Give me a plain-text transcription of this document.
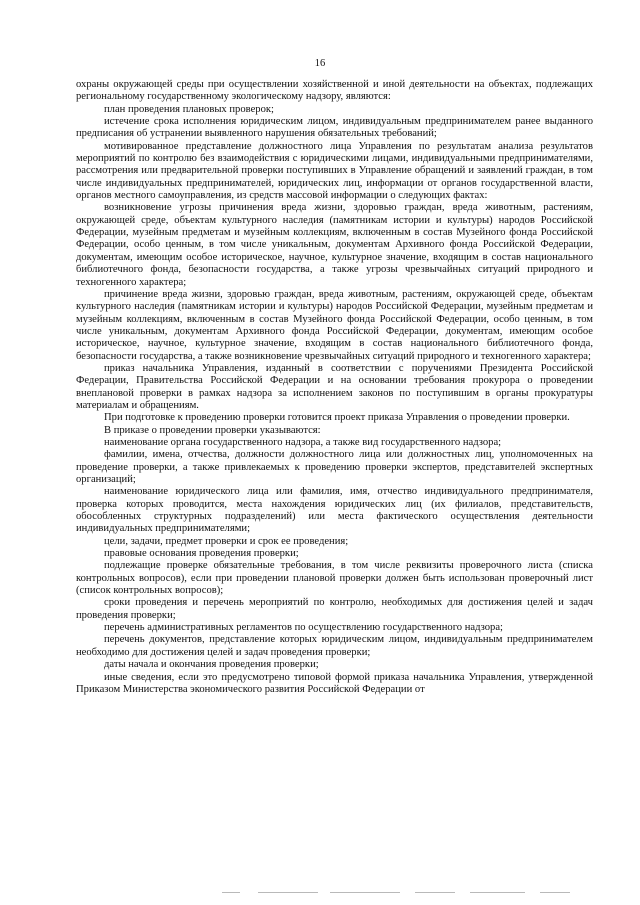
16

охраны окружающей среды при осуществлении хозяйственной и иной деятельности на объектах, подлежащих региональному государственному экологическому надзору, являются:

план проведения плановых проверок;

истечение срока исполнения юридическим лицом, индивидуальным предпринимателем ранее выданного предписания об устранении выявленного нарушения обязательных требований;

мотивированное представление должностного лица Управления по результатам анализа результатов мероприятий по контролю без взаимодействия с юридическими лицами, индивидуальными предпринимателями, рассмотрения или предварительной проверки поступивших в Управление обращений и заявлений граждан, в том числе индивидуальных предпринимателей, юридических лиц, информации от органов государственной власти, органов местного самоуправления, из средств массовой информации о следующих фактах:

возникновение угрозы причинения вреда жизни, здоровью граждан, вреда животным, растениям, окружающей среде, объектам культурного наследия (памятникам истории и культуры) народов Российской Федерации, музейным предметам и музейным коллекциям, включенным в состав Музейного фонда Российской Федерации, особо ценным, в том числе уникальным, документам Архивного фонда Российской Федерации, документам, имеющим особое историческое, научное, культурное значение, входящим в состав национального библиотечного фонда, безопасности государства, а также угрозы чрезвычайных ситуаций природного и техногенного характера;

причинение вреда жизни, здоровью граждан, вреда животным, растениям, окружающей среде, объектам культурного наследия (памятникам истории и культуры) народов Российской Федерации, музейным предметам и музейным коллекциям, включенным в состав Музейного фонда Российской Федерации, особо ценным, в том числе уникальным, документам Архивного фонда Российской Федерации, документам, имеющим особое историческое, научное, культурное значение, входящим в состав национального библиотечного фонда, безопасности государства, а также возникновение чрезвычайных ситуаций природного и техногенного характера;

приказ начальника Управления, изданный в соответствии с поручениями Президента Российской Федерации, Правительства Российской Федерации и на основании требования прокурора о проведении внеплановой проверки в рамках надзора за исполнением законов по поступившим в органы прокуратуры материалам и обращениям.

При подготовке к проведению проверки готовится проект приказа Управления о проведении проверки.

В приказе о проведении проверки указываются:

наименование органа государственного надзора, а также вид государственного надзора;

фамилии, имена, отчества, должности должностного лица или должностных лиц, уполномоченных на проведение проверки, а также привлекаемых к проведению проверки экспертов, представителей экспертных организаций;

наименование юридического лица или фамилия, имя, отчество индивидуального предпринимателя, проверка которых проводится, места нахождения юридических лиц (их филиалов, представительств, обособленных структурных подразделений) или места фактического осуществления деятельности индивидуальных предпринимателями;

цели, задачи, предмет проверки и срок ее проведения;

правовые основания проведения проверки;

подлежащие проверке обязательные требования, в том числе реквизиты проверочного листа (списка контрольных вопросов), если при проведении плановой проверки должен быть использован проверочный лист (список контрольных вопросов);

сроки проведения и перечень мероприятий по контролю, необходимых для достижения целей и задач проведения проверки;

перечень административных регламентов по осуществлению государственного надзора;

перечень документов, представление которых юридическим лицом, индивидуальным предпринимателем необходимо для достижения целей и задач проведения проверки;

даты начала и окончания проведения проверки;

иные сведения, если это предусмотрено типовой формой приказа начальника Управления, утвержденной Приказом Министерства экономического развития Российской Федерации от
